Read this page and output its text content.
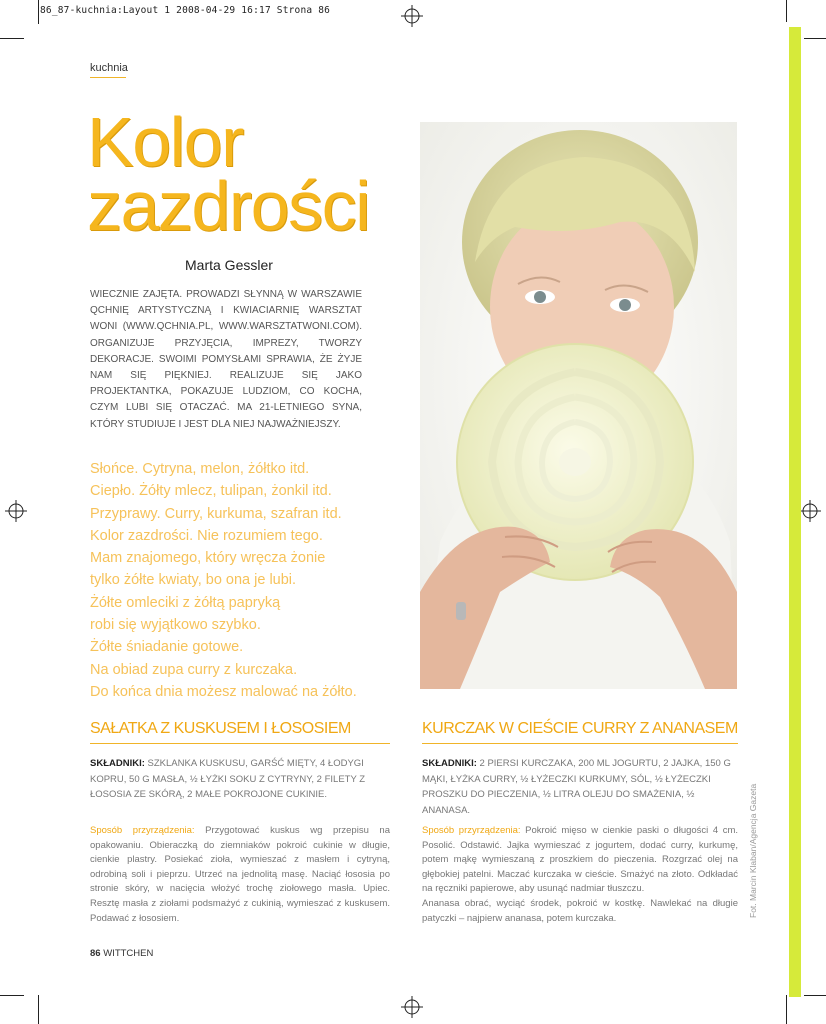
86_87-kuchnia:Layout 1 2008-04-29 16:17 Strona 86
kuchnia
Kolor
zazdrości
Marta Gessler
WIECZNIE ZAJĘTA. PROWADZI SŁYNNĄ W WARSZAWIE QCHNIĘ ARTYSTYCZNĄ I KWIACIARNIĘ WARSZTAT WONI (WWW.QCHNIA.PL, WWW.WARSZTATWONI.COM). ORGANIZUJE PRZYJĘCIA, IMPREZY, TWORZY DEKORACJE. SWOIMI POMYSŁAMI SPRAWIA, ŻE ŻYJE NAM SIĘ PIĘKNIEJ. REALIZUJE SIĘ JAKO PROJEKTANTKA, POKAZUJE LUDZIOM, CO KOCHA, CZYM LUBI SIĘ OTACZAĆ. MA 21-LETNIEGO SYNA, KTÓRY STUDIUJE I JEST DLA NIEJ NAJWAŻNIEJSZY.
Słońce. Cytryna, melon, żółtko itd.
Ciepło. Żółty mlecz, tulipan, żonkil itd.
Przyprawy. Curry, kurkuma, szafran itd.
Kolor zazdrości. Nie rozumiem tego.
Mam znajomego, który wręcza żonie
tylko żółte kwiaty, bo ona je lubi.
Żółte omleciki z żółtą papryką
robi się wyjątkowo szybko.
Żółte śniadanie gotowe.
Na obiad zupa curry z kurczaka.
Do końca dnia możesz malować na żółto.
SAŁATKA Z KUSKUSEM I ŁOSOSIEM
SKŁADNIKI: SZKLANKA KUSKUSU, GARŚĆ MIĘTY, 4 ŁODYGI KOPRU, 50 G MASŁA, ½ ŁYŻKI SOKU Z CYTRYNY, 2 FILETY Z ŁOSOSIA ZE SKÓRĄ, 2 MAŁE POKROJONE CUKINIE.
Sposób przyrządzenia: Przygotować kuskus wg przepisu na opakowaniu. Obieraczką do ziemniaków pokroić cukinie w długie, cienkie plastry. Posiekać zioła, wymieszać z masłem i cytryną, odrobiną soli i pieprzu. Utrzeć na jednolitą masę. Naciąć łososia po stronie skóry, w nacięcia włożyć trochę ziołowego masła. Upiec. Resztę masła z ziołami podsmażyć z cukinią, wymieszać z kuskusem. Podawać z łososiem.
KURCZAK W CIEŚCIE CURRY Z ANANASEM
SKŁADNIKI: 2 PIERSI KURCZAKA, 200 ML JOGURTU, 2 JAJKA, 150 G MĄKI, ŁYŻKA CURRY, ½ ŁYŻECZKI KURKUMY, SÓL, ½ ŁYŻECZKI PROSZKU DO PIECZENIA, ½ LITRA OLEJU DO SMAŻENIA, ½ ANANASA.
Sposób przyrządzenia: Pokroić mięso w cienkie paski o długości 4 cm. Posolić. Odstawić. Jajka wymieszać z jogurtem, dodać curry, kurkumę, potem mąkę wymieszaną z proszkiem do pieczenia. Rozgrzać olej na głębokiej patelni. Maczać kurczaka w cieście. Smażyć na złoto. Odkładać na ręczniki papierowe, aby usunąć nadmiar tłuszczu.
Ananasa obrać, wyciąć środek, pokroić w kostkę. Nawlekać na długie patyczki – najpierw ananasa, potem kurczaka.
Fot. Marcin Klaban/Agencja Gazeta
86 WITTCHEN
